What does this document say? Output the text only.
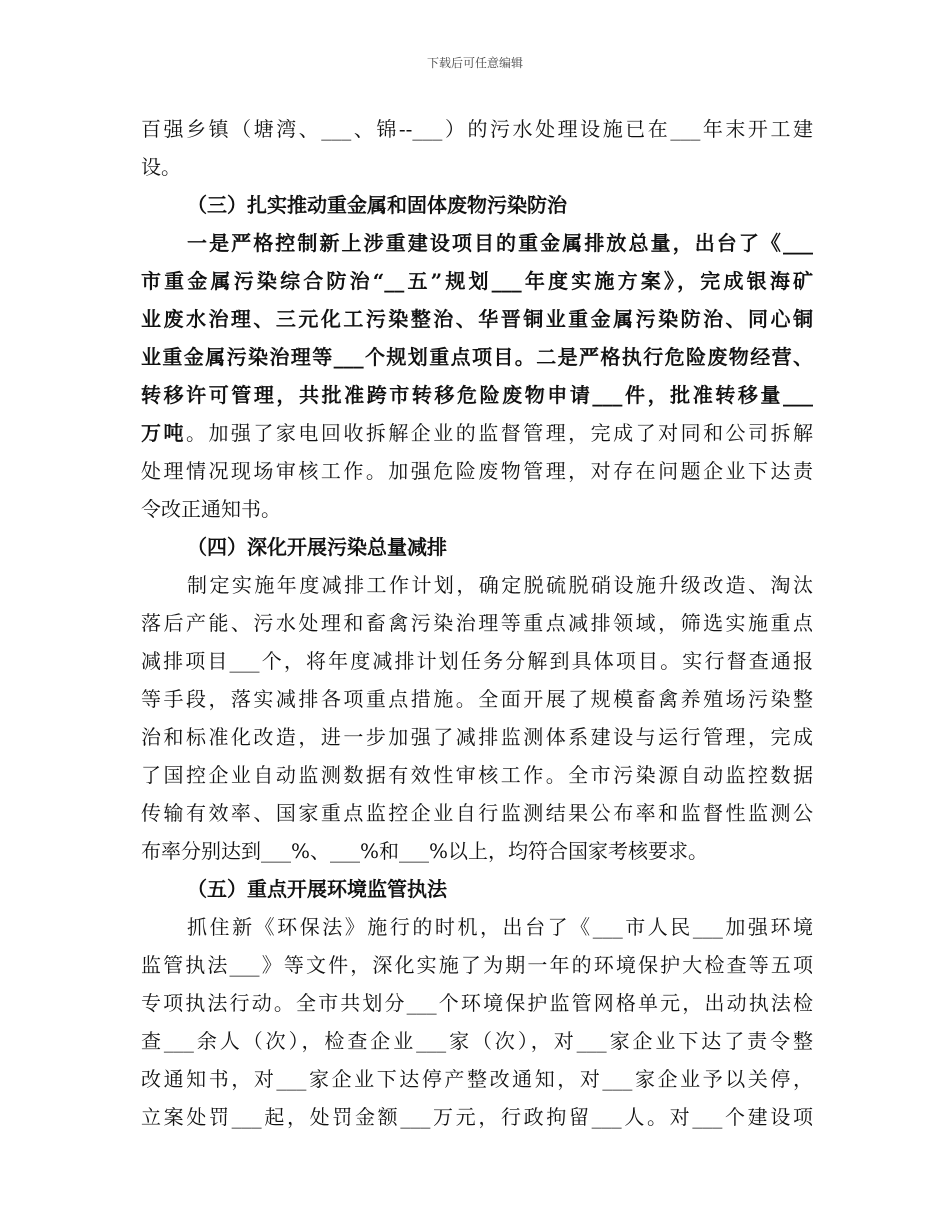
下载后可任意编辑
百强乡镇（塘湾、___、锦--___）的污水处理设施已在___年末开工建
设。
（三）扎实推动重金属和固体废物污染防治
一是严格控制新上涉重建设项目的重金属排放总量，出台了《___
市重金属污染综合防治“__五”规划___年度实施方案》，完成银海矿
业废水治理、三元化工污染整治、华晋铜业重金属污染防治、同心铜
业重金属污染治理等___个规划重点项目。二是严格执行危险废物经营、
转移许可管理，共批准跨市转移危险废物申请___件，批准转移量___
万吨。加强了家电回收拆解企业的监督管理，完成了对同和公司拆解
处理情况现场审核工作。加强危险废物管理，对存在问题企业下达责
令改正通知书。
（四）深化开展污染总量减排
制定实施年度减排工作计划，确定脱硫脱硝设施升级改造、淘汰
落后产能、污水处理和畜禽污染治理等重点减排领域，筛选实施重点
减排项目___个，将年度减排计划任务分解到具体项目。实行督查通报
等手段，落实减排各项重点措施。全面开展了规模畜禽养殖场污染整
治和标准化改造，进一步加强了减排监测体系建设与运行管理，完成
了国控企业自动监测数据有效性审核工作。全市污染源自动监控数据
传输有效率、国家重点监控企业自行监测结果公布率和监督性监测公
布率分别达到___%、___%和___%以上，均符合国家考核要求。
（五）重点开展环境监管执法
抓住新《环保法》施行的时机，出台了《___市人民___加强环境
监管执法___》等文件，深化实施了为期一年的环境保护大检查等五项
专项执法行动。全市共划分___个环境保护监管网格单元，出动执法检
查___余人（次），检查企业___家（次），对___家企业下达了责令整
改通知书，对___家企业下达停产整改通知，对___家企业予以关停，
立案处罚___起，处罚金额___万元，行政拘留___人。对___个建设项
